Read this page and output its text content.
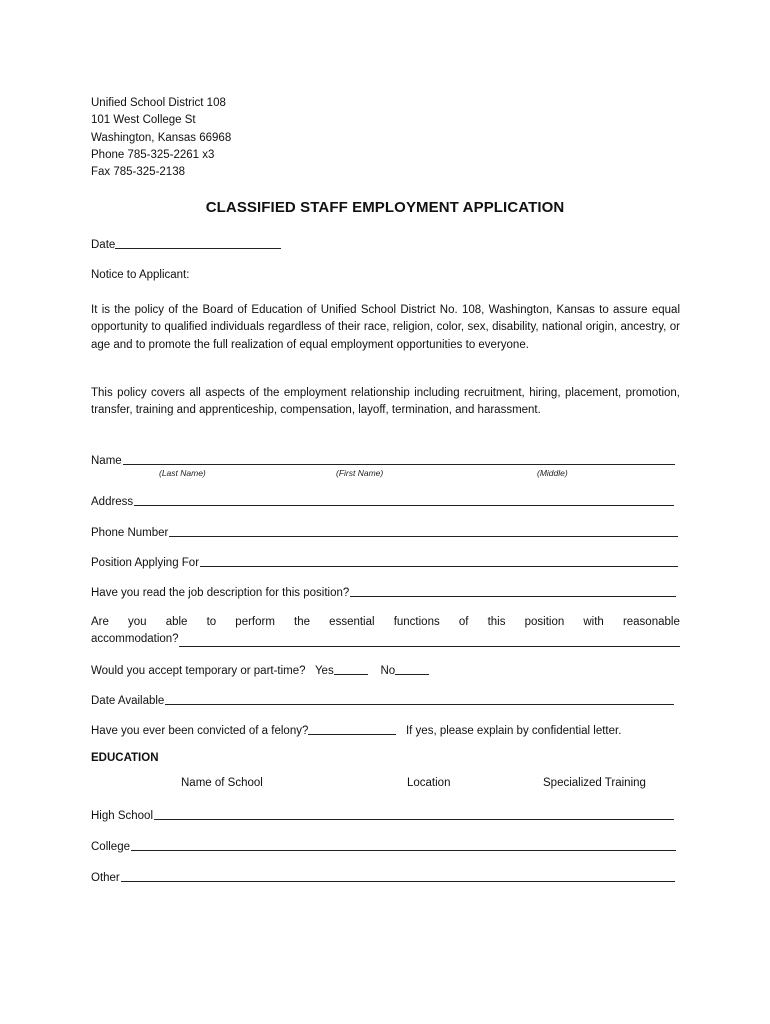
Unified School District 108
101 West College St
Washington, Kansas 66968
Phone 785-325-2261 x3
Fax 785-325-2138
CLASSIFIED STAFF EMPLOYMENT APPLICATION
Date
Notice to Applicant:
It is the policy of the Board of Education of Unified School District No. 108, Washington, Kansas to assure equal opportunity to qualified individuals regardless of their race, religion, color, sex, disability, national origin, ancestry, or age and to promote the full realization of equal employment opportunities to everyone.
This policy covers all aspects of the employment relationship including recruitment, hiring, placement, promotion, transfer, training and apprenticeship, compensation, layoff, termination, and harassment.
Name
(Last Name)	(First Name)	(Middle)
Address
Phone Number
Position Applying For
Have you read the job description for this position?
Are you able to perform the essential functions of this position with reasonable
accommodation?
Would you accept temporary or part-time? Yes	No
Date Available
Have you ever been convicted of a felony?	If yes, please explain by confidential letter.
EDUCATION
Name of School	Location	Specialized Training
High School
College
Other
